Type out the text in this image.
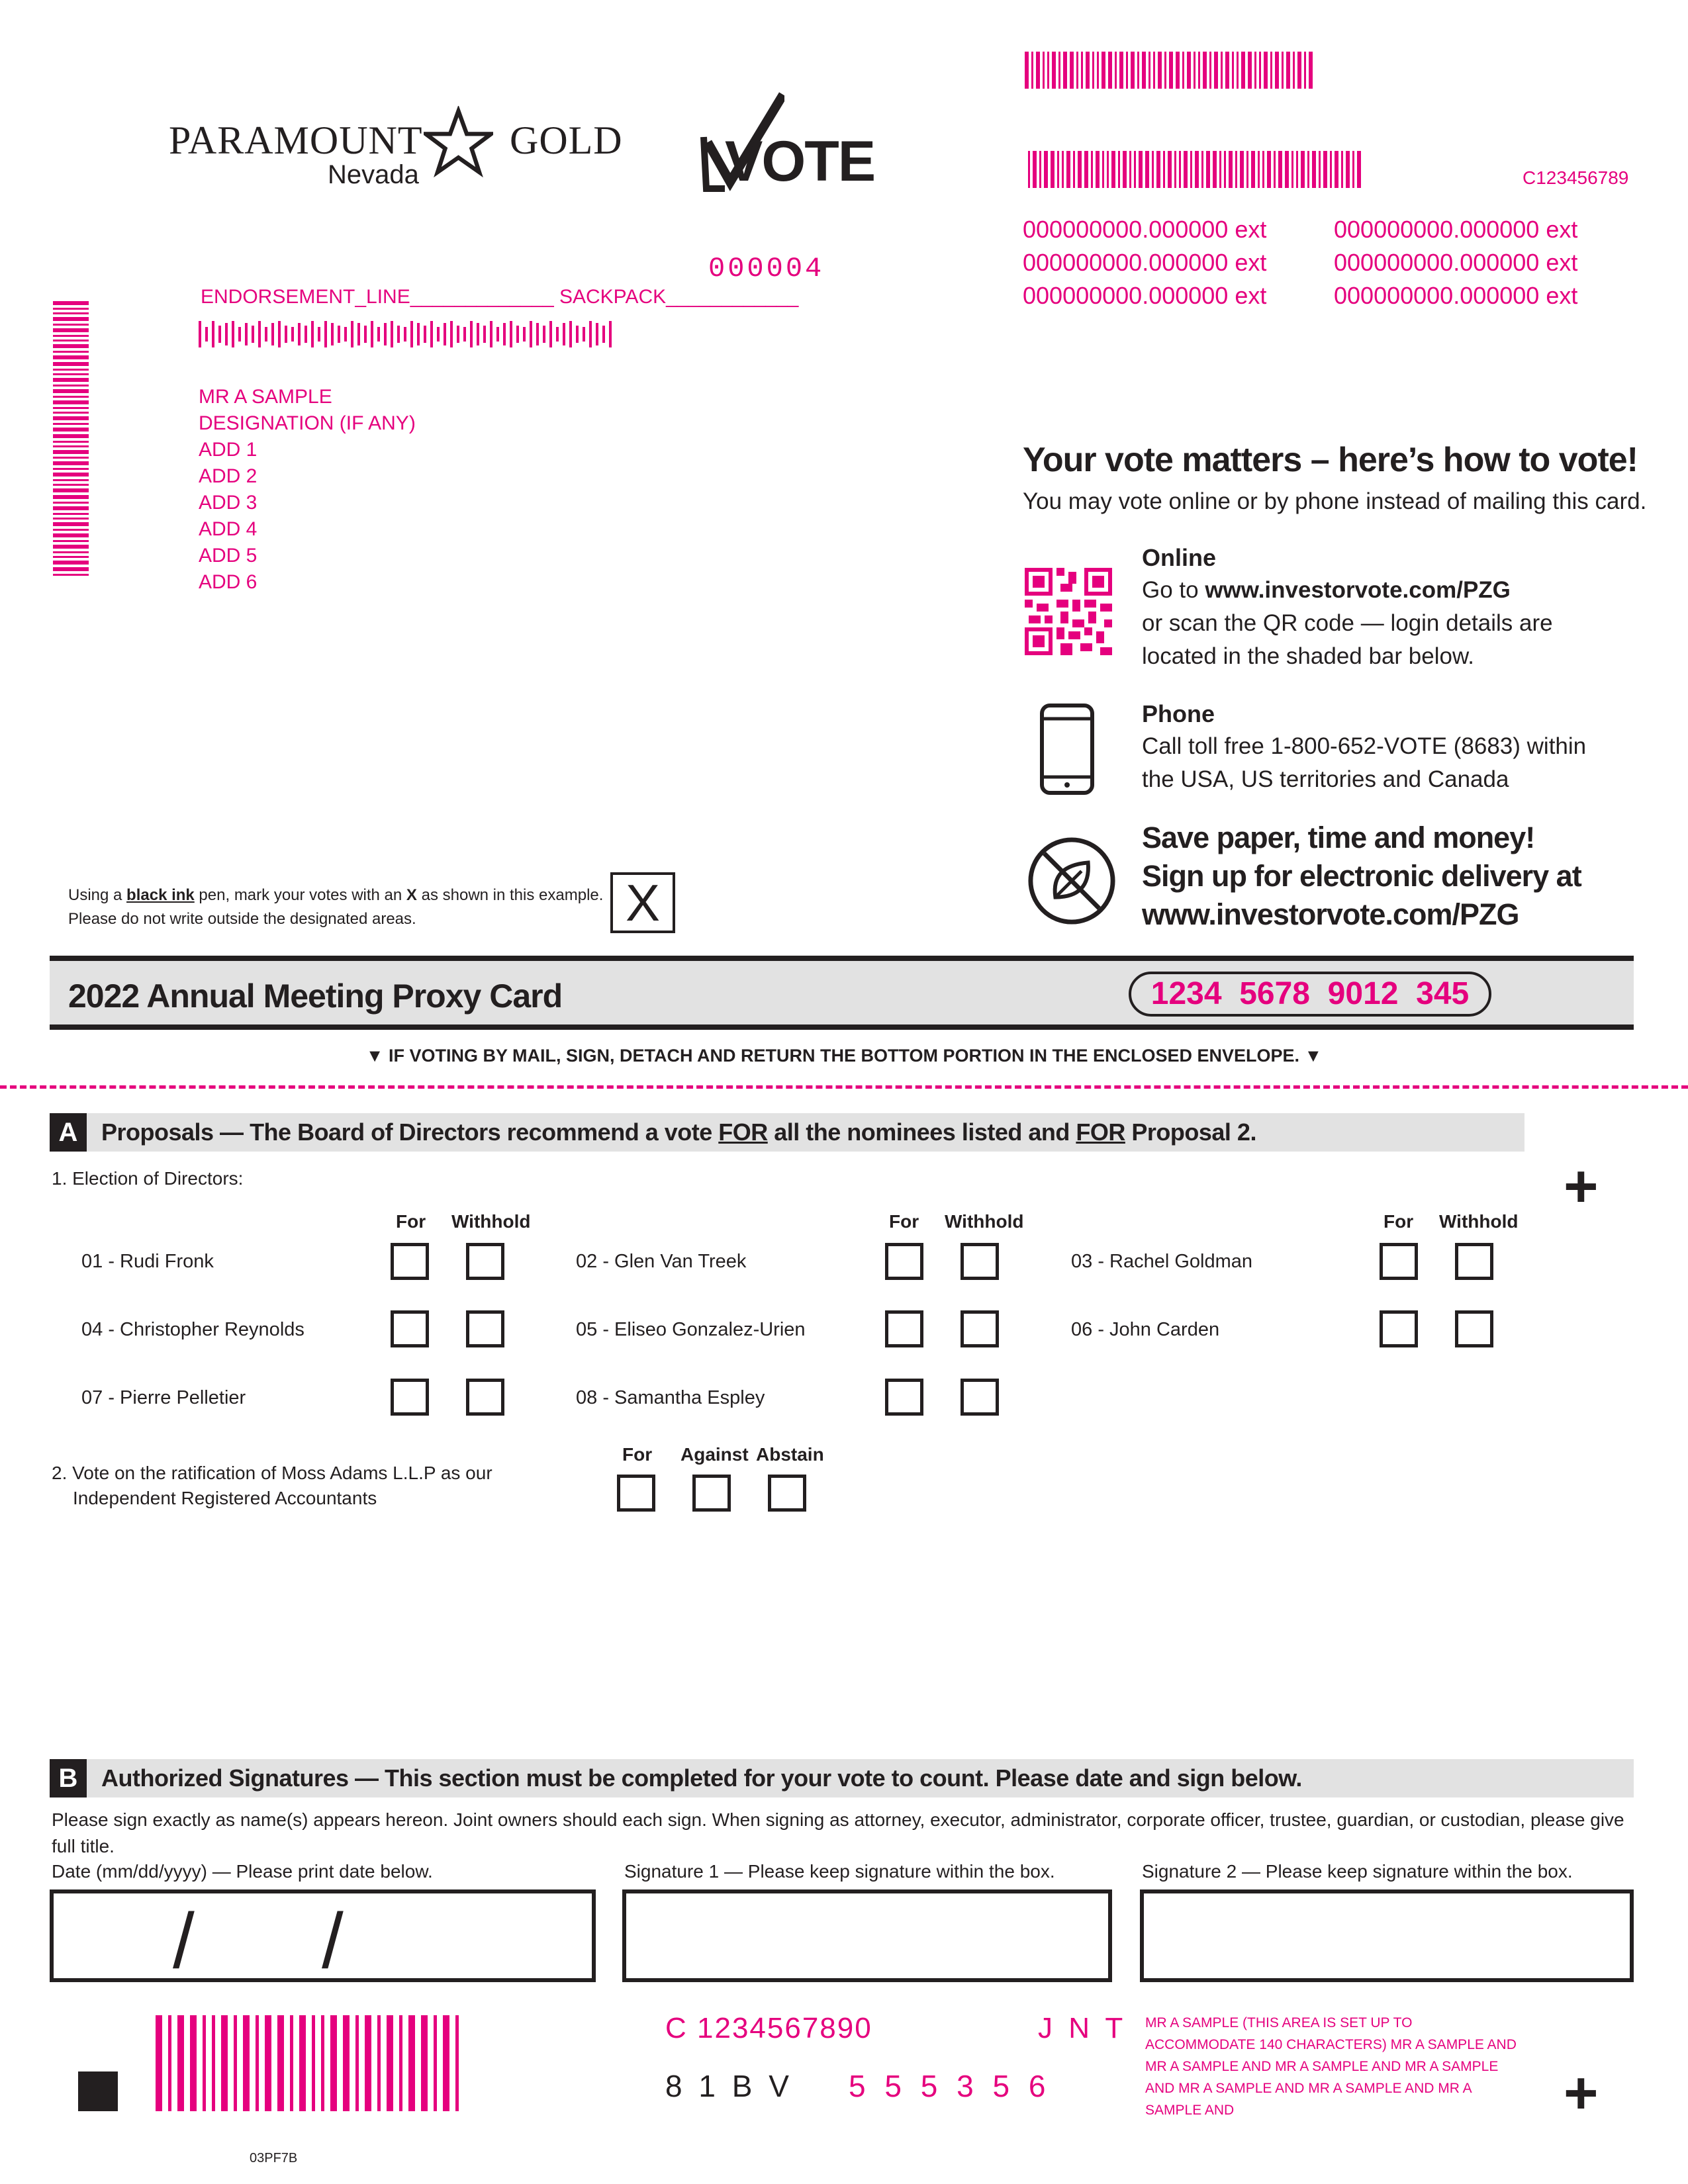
PARAMOUNT GOLD
Nevada	VOTE	C123456789
000000000.000000 ext
000000000.000000 ext
000000000.000000 ext
000000000.000000 ext
000000000.000000 ext
000000000.000000 ext
000004
ENDORSEMENT_LINE_____________ SACKPACK____________
MR A SAMPLE
DESIGNATION (IF ANY)
ADD 1
ADD 2
ADD 3
ADD 4
ADD 5
ADD 6
Your vote matters – here’s how to vote!
You may vote online or by phone instead of mailing this card.
Online
Go to www.investorvote.com/PZG
or scan the QR code — login details are
located in the shaded bar below.
Phone
Call toll free 1-800-652-VOTE (8683) within
the USA, US territories and Canada
Save paper, time and money!
Sign up for electronic delivery at
www.investorvote.com/PZG
Using a black ink pen, mark your votes with an X as shown in this example.
Please do not write outside the designated areas.	X
2022 Annual Meeting Proxy Card	1234  5678  9012  345
▼ IF VOTING BY MAIL, SIGN, DETACH AND RETURN THE BOTTOM PORTION IN THE ENCLOSED ENVELOPE. ▼
A Proposals — The Board of Directors recommend a vote FOR all the nominees listed and FOR Proposal 2.
+
1. Election of Directors:
For Withhold	For Withhold	For Withhold
01 - Rudi Fronk	02 - Glen Van Treek	03 - Rachel Goldman
04 - Christopher Reynolds	05 - Eliseo Gonzalez-Urien	06 - John Carden
07 - Pierre Pelletier	08 - Samantha Espley
2. Vote on the ratification of Moss Adams L.L.P as our
Independent Registered Accountants
For Against Abstain
B Authorized Signatures — This section must be completed for your vote to count. Please date and sign below.
Please sign exactly as name(s) appears hereon. Joint owners should each sign. When signing as attorney, executor, administrator, corporate officer, trustee, guardian, or custodian, please give full title.
Date (mm/dd/yyyy) — Please print date below.	Signature 1 — Please keep signature within the box.	Signature 2 — Please keep signature within the box.
/ /
C 1234567890	J N T
8 1 B V 5 5 5 3 5 6
MR A SAMPLE (THIS AREA IS SET UP TO ACCOMMODATE 140 CHARACTERS) MR A SAMPLE AND MR A SAMPLE AND MR A SAMPLE AND MR A SAMPLE AND MR A SAMPLE AND MR A SAMPLE AND MR A SAMPLE AND	+
03PF7B
